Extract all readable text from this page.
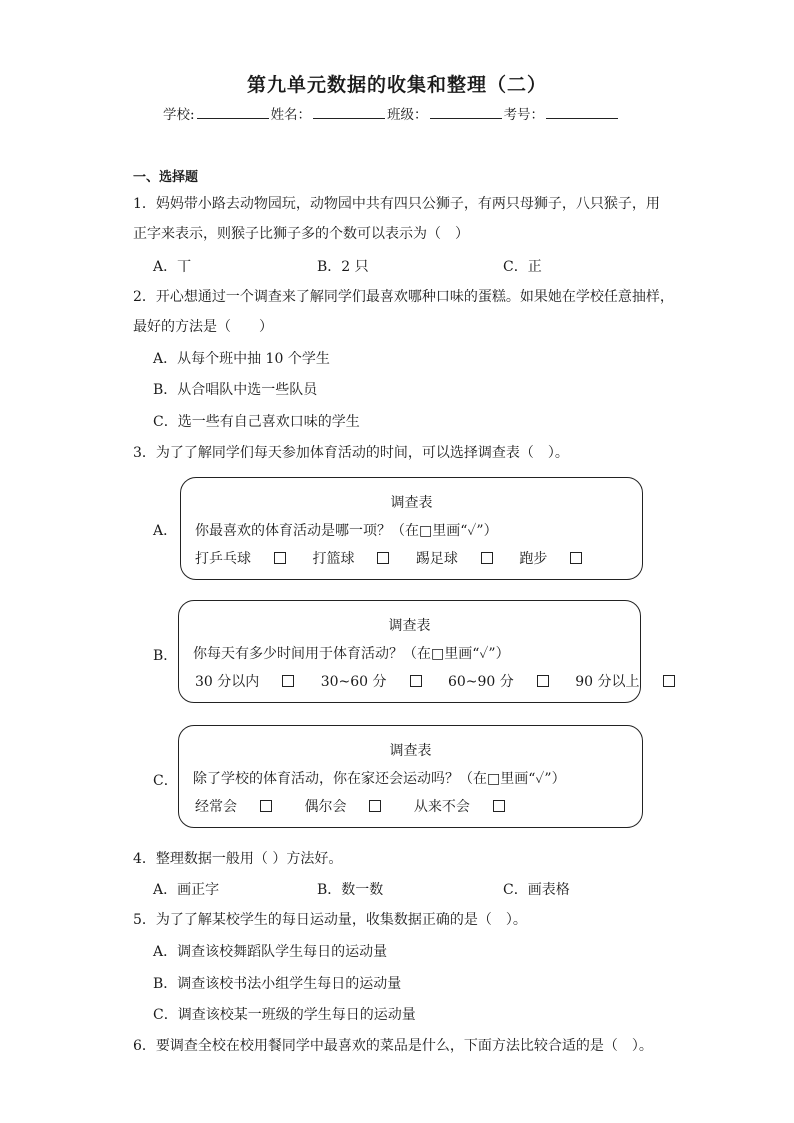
第九单元数据的收集和整理（二）
学校:	姓名：	班级：	考号：
一、选择题
1．妈妈带小路去动物园玩，动物园中共有四只公狮子，有两只母狮子，八只猴子，用
正字来表示，则猴子比狮子多的个数可以表示为（　）
A．丅	B．2 只	C．正
2．开心想通过一个调查来了解同学们最喜欢哪种口味的蛋糕。如果她在学校任意抽样，
最好的方法是（　　）
A．从每个班中抽 10 个学生
B．从合唱队中选一些队员
C．选一些有自己喜欢口味的学生
3．为了了解同学们每天参加体育活动的时间，可以选择调查表（　）。
A．
调查表
你最喜欢的体育活动是哪一项？（在□里画“✓”）
打乒乓球	打篮球	踢足球	跑步
B．
调查表
你每天有多少时间用于体育活动？（在□里画“✓”）
30 分以内	30~60 分	60~90 分	90 分以上
C．
调查表
除了学校的体育活动，你在家还会运动吗？（在□里画“✓”）
经常会	偶尔会	从来不会
4．整理数据一般用（ ）方法好。
A．画正字	B．数一数	C．画表格
5．为了了解某校学生的每日运动量，收集数据正确的是（　）。
A．调查该校舞蹈队学生每日的运动量
B．调查该校书法小组学生每日的运动量
C．调查该校某一班级的学生每日的运动量
6．要调查全校在校用餐同学中最喜欢的菜品是什么，下面方法比较合适的是（　）。
